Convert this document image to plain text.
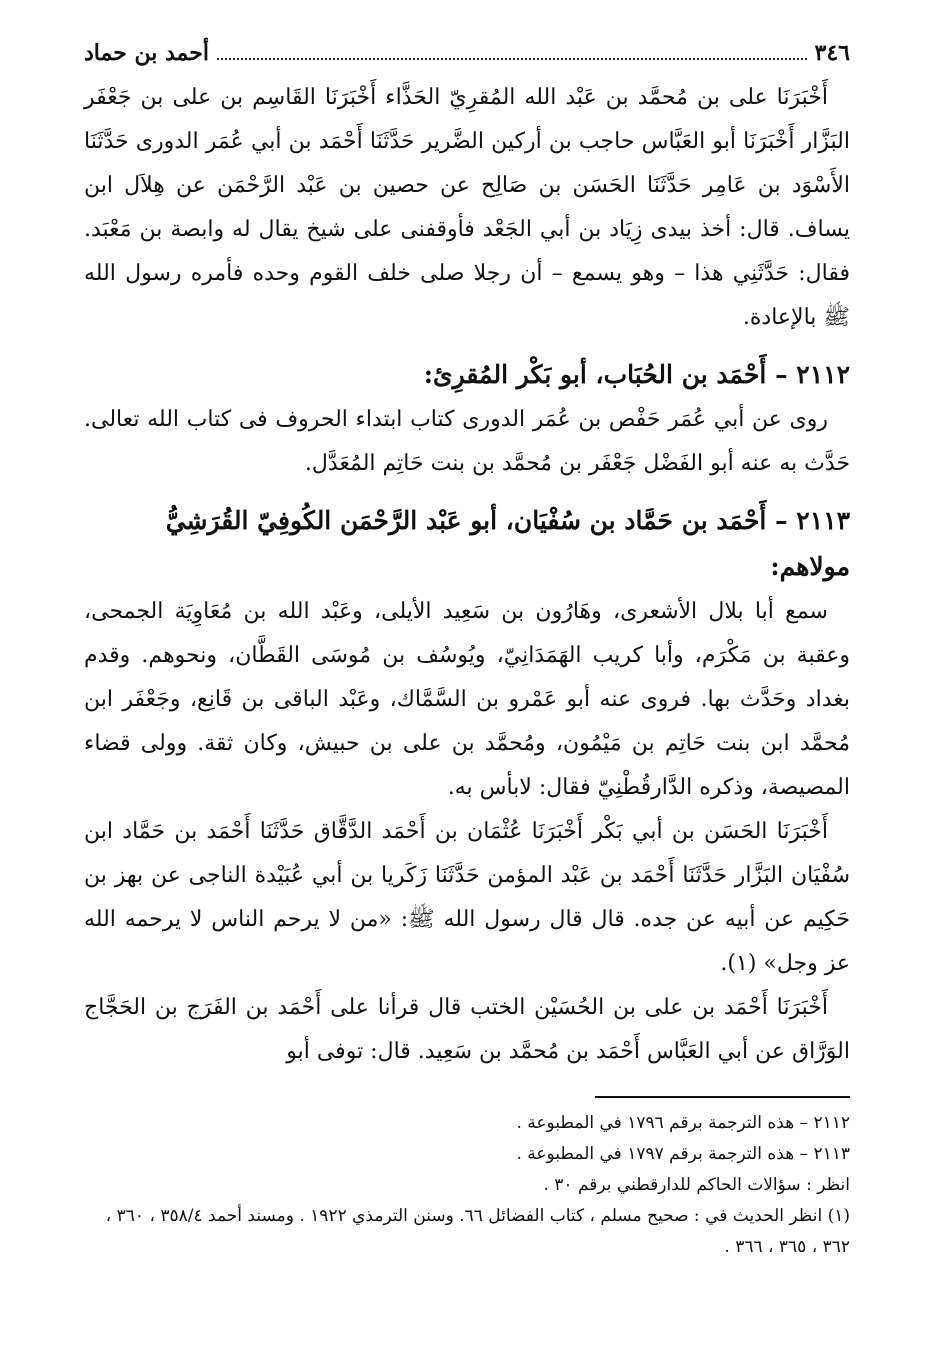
٣٤٦
أحمد بن حماد

أَخْبَرَنَا على بن مُحمَّد بن عَبْد الله المُقرِيّ الحَذَّاء أَخْبَرَنَا القَاسِم بن على بن جَعْفَر البَزَّار أَخْبَرَنَا أبو العَبَّاس حاجب بن أركين الضَّرير حَدَّثَنَا أَحْمَد بن أبي عُمَر الدورى حَدَّثَنَا الأَسْوَد بن عَامِر حَدَّثَنَا الحَسَن بن صَالِح عن حصين بن عَبْد الرَّحْمَن عن هِلاَل ابن يساف. قال: أخذ بيدى زِيَاد بن أبي الجَعْد فأوقفنى على شيخ يقال له وابصة بن مَعْبَد. فقال: حَدَّثَنِي هذا – وهو يسمع – أن رجلا صلى خلف القوم وحده فأمره رسول الله ﷺ بالإعادة.

٢١١٢ – أَحْمَد بن الحُبَاب، أبو بَكْر المُقرِئ:

روى عن أبي عُمَر حَفْص بن عُمَر الدورى كتاب ابتداء الحروف فى كتاب الله تعالى. حَدَّث به عنه أبو الفَضْل جَعْفَر بن مُحمَّد بن بنت حَاتِم المُعَدَّل.

٢١١٣ – أَحْمَد بن حَمَّاد بن سُفْيَان، أبو عَبْد الرَّحْمَن الكُوفِيّ القُرَشِيُّ مولاهم:

سمع أبا بلال الأشعرى، وهَارُون بن سَعِيد الأيلى، وعَبْد الله بن مُعَاوِيَة الجمحى، وعقبة بن مَكْرَم، وأبا كريب الهَمَدَانِيّ، ويُوسُف بن مُوسَى القَطَّان، ونحوهم. وقدم بغداد وحَدَّث بها. فروى عنه أبو عَمْرو بن السَّمَّاك، وعَبْد الباقى بن قَانِع، وجَعْفَر ابن مُحمَّد ابن بنت حَاتِم بن مَيْمُون، ومُحمَّد بن على بن حبيش، وكان ثقة. وولى قضاء المصيصة، وذكره الدَّارقُطْنِيّ فقال: لابأس به.

أَخْبَرَنَا الحَسَن بن أبي بَكْر أَخْبَرَنَا عُثْمَان بن أَحْمَد الدَّقَّاق حَدَّثَنَا أَحْمَد بن حَمَّاد ابن سُفْيَان البَزَّار حَدَّثَنَا أَحْمَد بن عَبْد المؤمن حَدَّثَنَا زَكَريا بن أبي عُبَيْدة الناجى عن بهز بن حَكِيم عن أبيه عن جده. قال قال رسول الله ﷺ: «من لا يرحم الناس لا يرحمه الله عز وجل» (١).

أَخْبَرَنَا أَحْمَد بن على بن الحُسَيْن الختب قال قرأنا على أَحْمَد بن الفَرَج بن الحَجَّاج الوَرَّاق عن أبي العَبَّاس أَحْمَد بن مُحمَّد بن سَعِيد. قال: توفى أبو

٢١١٢ – هذه الترجمة برقم ١٧٩٦ في المطبوعة .

٢١١٣ – هذه الترجمة برقم ١٧٩٧ في المطبوعة .

انظر : سؤالات الحاكم للدارقطني برقم ٣٠ .

(١) انظر الحديث في : صحيح مسلم ، كتاب الفضائل ٦٦. وسنن الترمذي ١٩٢٢ . ومسند أحمد ٣٥٨/٤ ، ٣٦٠ ، ٣٦٢ ، ٣٦٥ ، ٣٦٦ .
